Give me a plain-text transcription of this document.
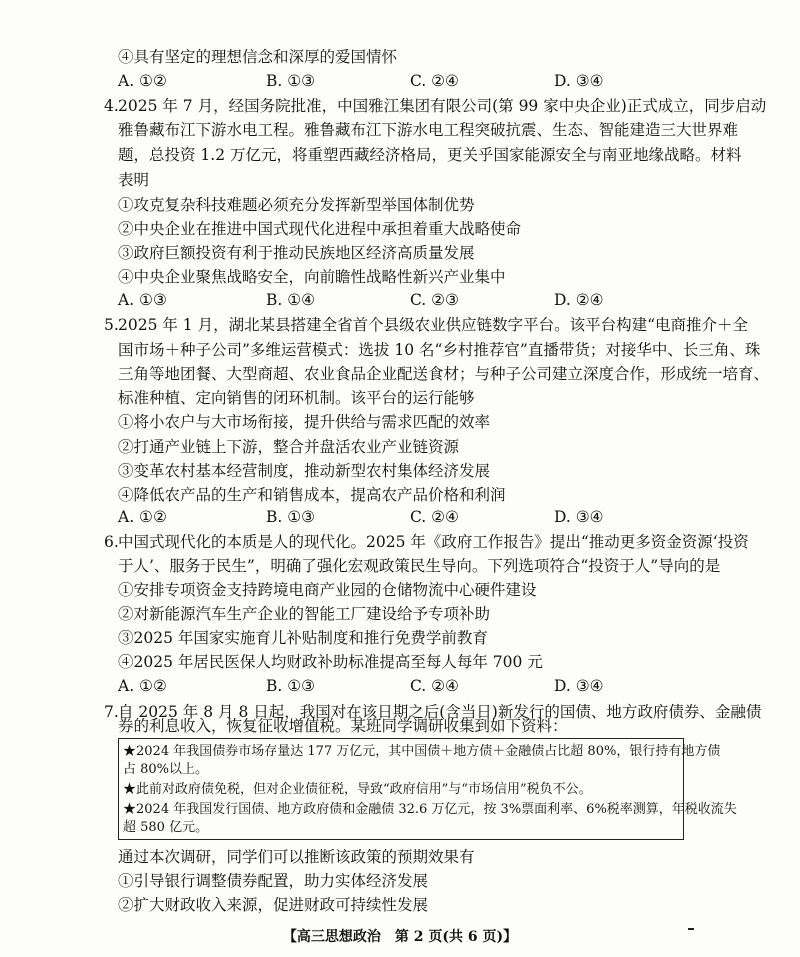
④具有坚定的理想信念和深厚的爱国情怀
A. ①②	B. ①③	C. ②④	D. ③④
4. 2025 年 7 月，经国务院批准，中国雅江集团有限公司(第 99 家中央企业)正式成立，同步启动
雅鲁藏布江下游水电工程。雅鲁藏布江下游水电工程突破抗震、生态、智能建造三大世界难
题，总投资 1.2 万亿元，将重塑西藏经济格局，更关乎国家能源安全与南亚地缘战略。材料
表明
①攻克复杂科技难题必须充分发挥新型举国体制优势
②中央企业在推进中国式现代化进程中承担着重大战略使命
③政府巨额投资有利于推动民族地区经济高质量发展
④中央企业聚焦战略安全，向前瞻性战略性新兴产业集中
A. ①③	B. ①④	C. ②③	D. ②④
5. 2025 年 1 月，湖北某县搭建全省首个县级农业供应链数字平台。该平台构建“电商推介＋全
国市场＋种子公司”多维运营模式：选拔 10 名“乡村推荐官”直播带货；对接华中、长三角、珠
三角等地团餐、大型商超、农业食品企业配送食材；与种子公司建立深度合作，形成统一培育、
标准种植、定向销售的闭环机制。该平台的运行能够
①将小农户与大市场衔接，提升供给与需求匹配的效率
②打通产业链上下游，整合并盘活农业产业链资源
③变革农村基本经营制度，推动新型农村集体经济发展
④降低农产品的生产和销售成本，提高农产品价格和利润
A. ①②	B. ①③	C. ②④	D. ③④
6. 中国式现代化的本质是人的现代化。2025 年《政府工作报告》提出“推动更多资金资源‘投资
于人’、服务于民生”，明确了强化宏观政策民生导向。下列选项符合“投资于人”导向的是
①安排专项资金支持跨境电商产业园的仓储物流中心硬件建设
②对新能源汽车生产企业的智能工厂建设给予专项补助
③2025 年国家实施育儿补贴制度和推行免费学前教育
④2025 年居民医保人均财政补助标准提高至每人每年 700 元
A. ①②	B. ①③	C. ②④	D. ③④
7. 自 2025 年 8 月 8 日起，我国对在该日期之后(含当日)新发行的国债、地方政府债券、金融债
券的利息收入，恢复征收增值税。某班同学调研收集到如下资料：
★2024 年我国债券市场存量达 177 万亿元，其中国债＋地方债＋金融债占比超 80%，银行持有地方债
占 80%以上。
★此前对政府债免税，但对企业债征税，导致“政府信用”与“市场信用”税负不公。
★2024 年我国发行国债、地方政府债和金融债 32.6 万亿元，按 3%票面利率、6%税率测算，年税收流失
超 580 亿元。
通过本次调研，同学们可以推断该政策的预期效果有
①引导银行调整债券配置，助力实体经济发展
②扩大财政收入来源，促进财政可持续性发展
【高三思想政治　第 2 页(共 6 页)】
